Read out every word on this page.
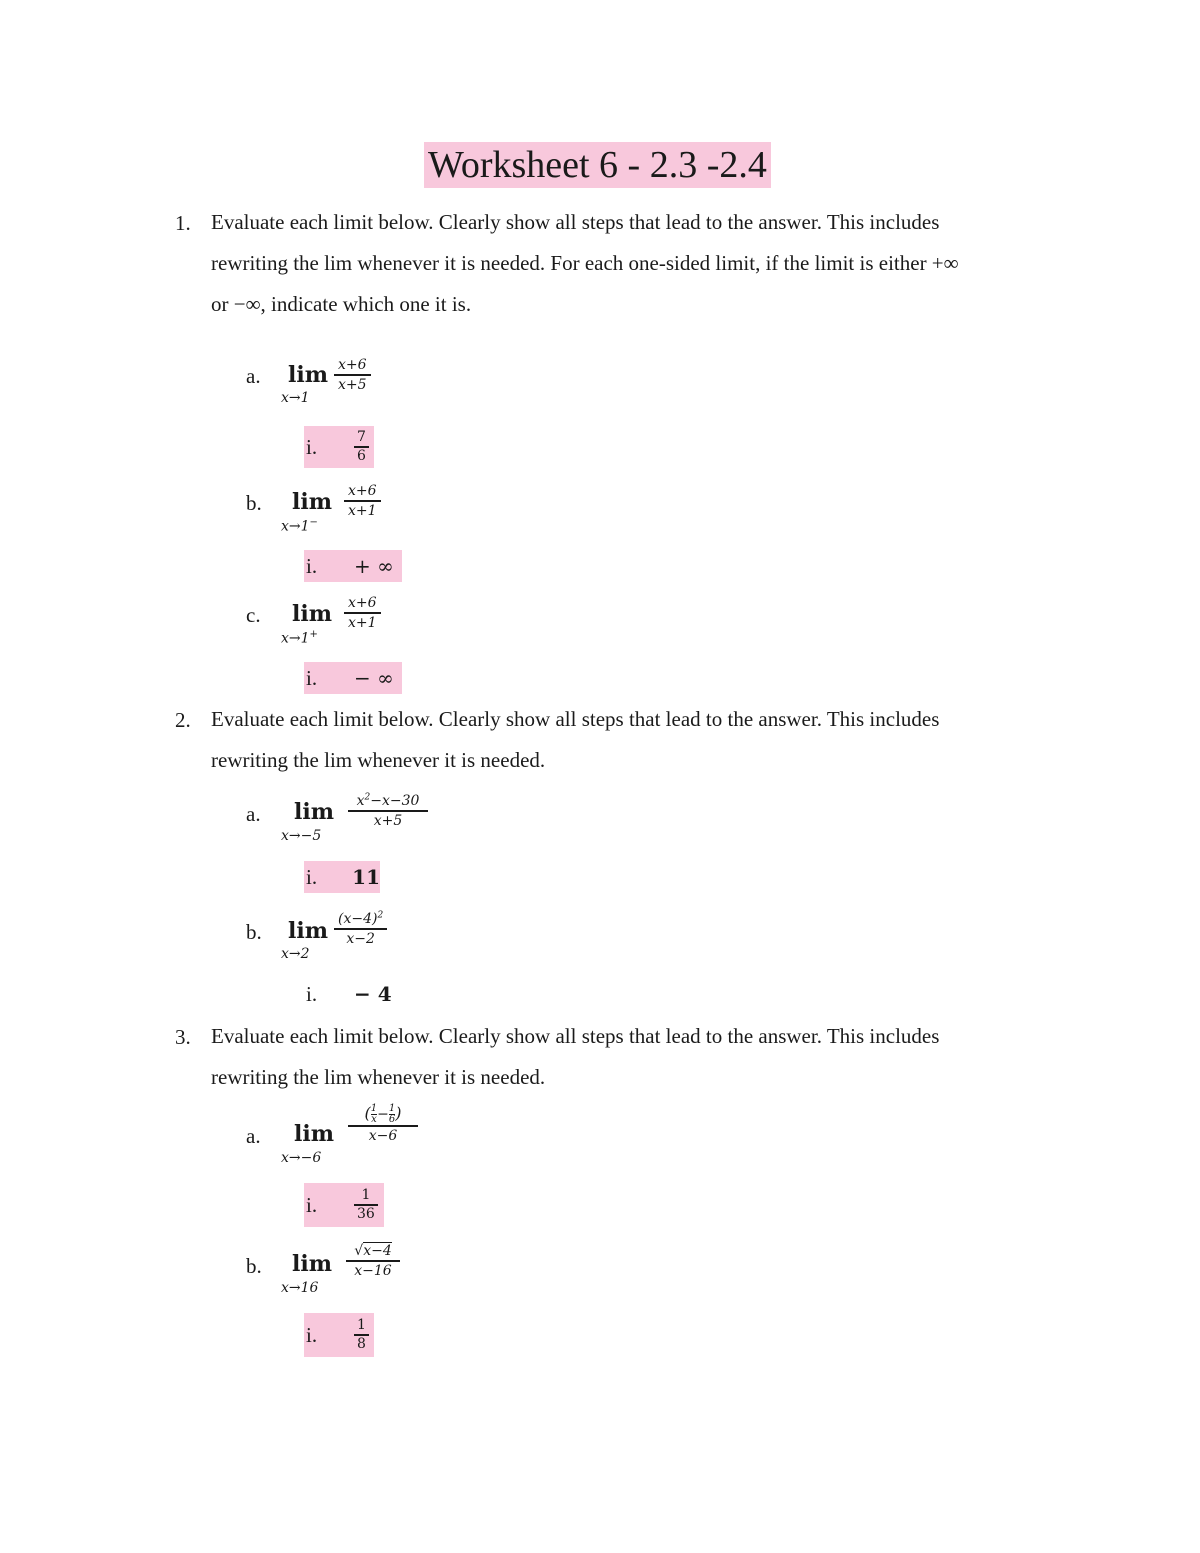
Worksheet 6 - 2.3 -2.4
1. Evaluate each limit below. Clearly show all steps that lead to the answer. This includes
rewriting the lim whenever it is needed. For each one-sided limit, if the limit is either +∞
or −∞, indicate which one it is.
a. lim
x→1
$\frac{x+6}{x+5}$
i.	$\frac{7}{6}$
b. lim
x→1−
$\frac{x+6}{x+1}$
i.	+ ∞
c. lim
x→1+
$\frac{x+6}{x+1}$
i.	− ∞
2. Evaluate each limit below. Clearly show all steps that lead to the answer. This includes
rewriting the lim whenever it is needed.
a. lim
x→−5
$\frac{x^2-x-30}{x+5}$
i.	11
b. lim
x→2
$\frac{(x-4)^2}{x-2}$
i.	− 4
3. Evaluate each limit below. Clearly show all steps that lead to the answer. This includes
rewriting the lim whenever it is needed.
a. lim
x→−6
$\frac{( \frac{1}{x} - \frac{1}{6} )}{x-6}$
i.	$\frac{1}{36}$
b. lim
x→16
$\frac{√x-4}{x-16}$
i.	$\frac{1}{8}$
